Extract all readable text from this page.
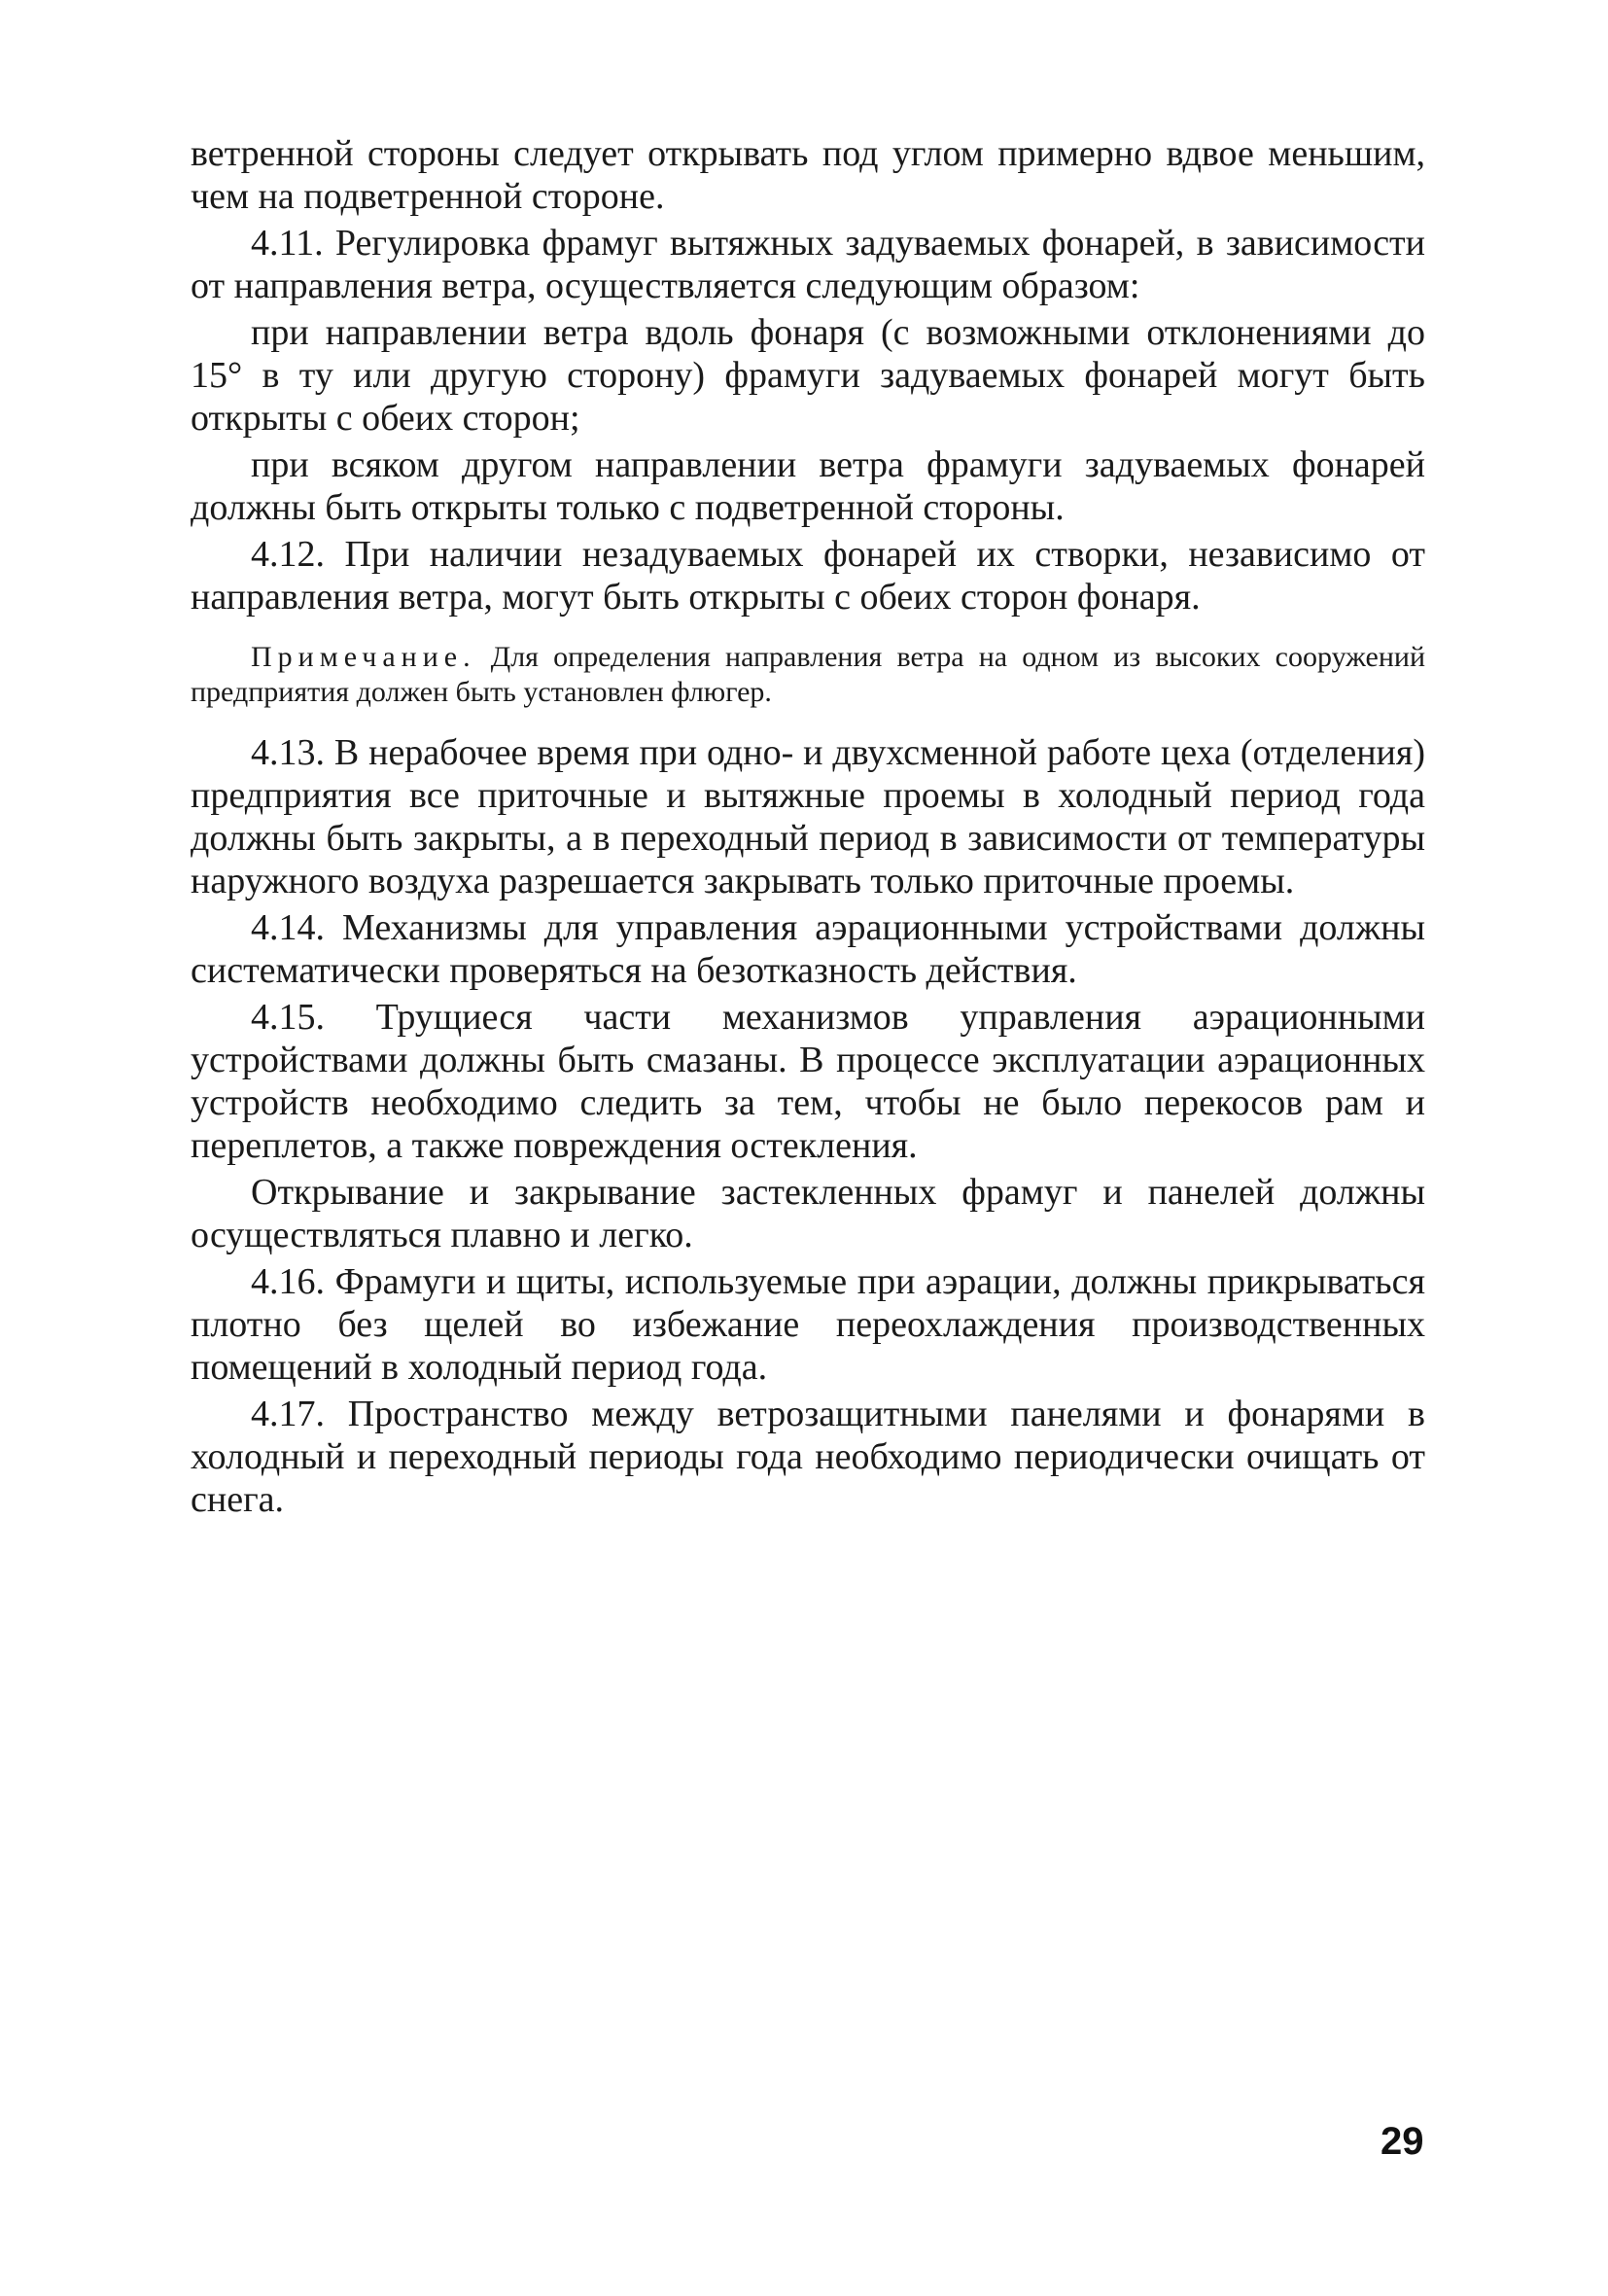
ветренной стороны следует открывать под углом примерно вдвое меньшим, чем на подветренной стороне.

4.11. Регулировка фрамуг вытяжных задуваемых фонарей, в зависимости от направления ветра, осуществляется следующим образом:

при направлении ветра вдоль фонаря (с возможными отклонениями до 15° в ту или другую сторону) фрамуги задуваемых фонарей могут быть открыты с обеих сторон;

при всяком другом направлении ветра фрамуги задуваемых фонарей должны быть открыты только с подветренной стороны.

4.12. При наличии незадуваемых фонарей их створки, независимо от направления ветра, могут быть открыты с обеих сторон фонаря.

Примечание. Для определения направления ветра на одном из высоких сооружений предприятия должен быть установлен флюгер.

4.13. В нерабочее время при одно- и двухсменной работе цеха (отделения) предприятия все приточные и вытяжные проемы в холодный период года должны быть закрыты, а в переходный период в зависимости от температуры наружного воздуха разрешается закрывать только приточные проемы.

4.14. Механизмы для управления аэрационными устройствами должны систематически проверяться на безотказность действия.

4.15. Трущиеся части механизмов управления аэрационными устройствами должны быть смазаны. В процессе эксплуатации аэрационных устройств необходимо следить за тем, чтобы не было перекосов рам и переплетов, а также повреждения остекления.

Открывание и закрывание застекленных фрамуг и панелей должны осуществляться плавно и легко.

4.16. Фрамуги и щиты, используемые при аэрации, должны прикрываться плотно без щелей во избежание переохлаждения производственных помещений в холодный период года.

4.17. Пространство между ветрозащитными панелями и фонарями в холодный и переходный периоды года необходимо периодически очищать от снега.

29
